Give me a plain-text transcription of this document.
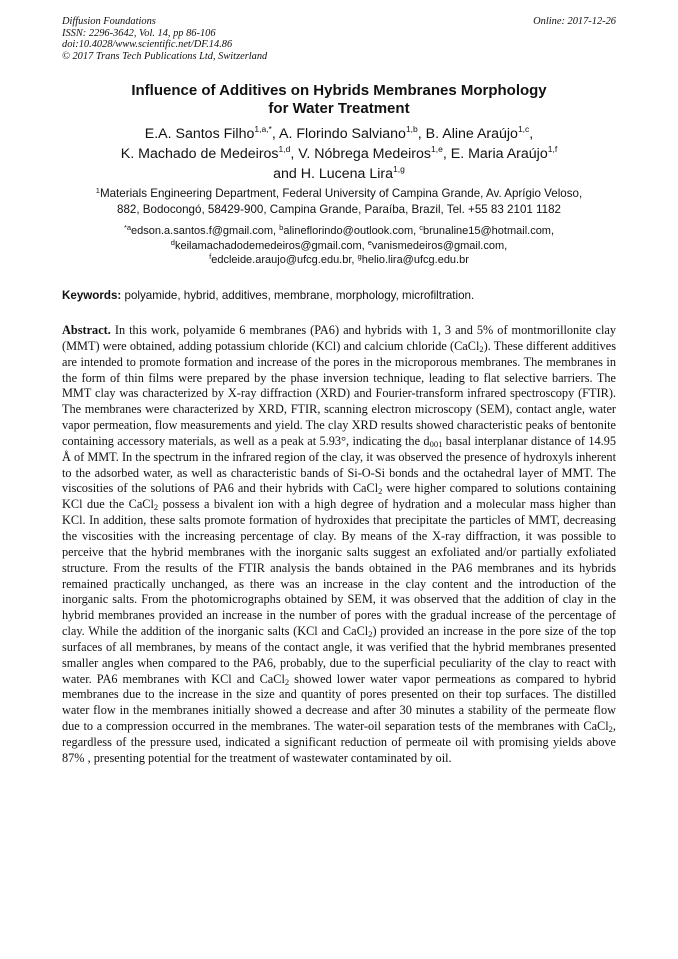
Diffusion Foundations
ISSN: 2296-3642, Vol. 14, pp 86-106
doi:10.4028/www.scientific.net/DF.14.86
© 2017 Trans Tech Publications Ltd, Switzerland
Online: 2017-12-26
Influence of Additives on Hybrids Membranes Morphology
for Water Treatment
E.A. Santos Filho$^{1,a,*}$, A. Florindo Salviano$^{1,b}$, B. Aline Araújo$^{1,c}$,
K. Machado de Medeiros$^{1,d}$, V. Nóbrega Medeiros$^{1,e}$, E. Maria Araújo$^{1,f}$
and H. Lucena Lira$^{1,g}$
$^1$Materials Engineering Department, Federal University of Campina Grande, Av. Aprígio Veloso,
882, Bodocongó, 58429-900, Campina Grande, Paraíba, Brazil, Tel. +55 83 2101 1182
$^{*a}$edson.a.santos.f@gmail.com, $^b$alineflorindo@outlook.com, $^c$brunaline15@hotmail.com,
$^d$keilamachadodemedeiros@gmail.com, $^e$vanismedeiros@gmail.com,
$^f$edcleide.araujo@ufcg.edu.br, $^g$helio.lira@ufcg.edu.br
Keywords: polyamide, hybrid, additives, membrane, morphology, microfiltration.
Abstract. In this work, polyamide 6 membranes (PA6) and hybrids with 1, 3 and 5% of montmorillonite clay (MMT) were obtained, adding potassium chloride (KCl) and calcium chloride (CaCl$_2$). These different additives are intended to promote formation and increase of the pores in the microporous membranes. The membranes in the form of thin films were prepared by the phase inversion technique, leading to flat selective barriers. The MMT clay was characterized by X-ray diffraction (XRD) and Fourier-transform infrared spectroscopy (FTIR). The membranes were characterized by XRD, FTIR, scanning electron microscopy (SEM), contact angle, water vapor permeation, flow measurements and yield. The clay XRD results showed characteristic peaks of bentonite containing accessory materials, as well as a peak at 5.93°, indicating the $d_{001}$ basal interplanar distance of 14.95 Å of MMT. In the spectrum in the infrared region of the clay, it was observed the presence of hydroxyls inherent to the adsorbed water, as well as characteristic bands of Si-O-Si bonds and the octahedral layer of MMT. The viscosities of the solutions of PA6 and their hybrids with CaCl$_2$ were higher compared to solutions containing KCl due the CaCl$_2$ possess a bivalent ion with a high degree of hydration and a molecular mass higher than KCl. In addition, these salts promote formation of hydroxides that precipitate the particles of MMT, decreasing the viscosities with the increasing percentage of clay. By means of the X-ray diffraction, it was possible to perceive that the hybrid membranes with the inorganic salts suggest an exfoliated and/or partially exfoliated structure. From the results of the FTIR analysis the bands obtained in the PA6 membranes and its hybrids remained practically unchanged, as there was an increase in the clay content and the introduction of the inorganic salts. From the photomicrographs obtained by SEM, it was observed that the addition of clay in the hybrid membranes provided an increase in the number of pores with the gradual increase of the percentage of clay. While the addition of the inorganic salts (KCl and CaCl$_2$) provided an increase in the pore size of the top surfaces of all membranes, by means of the contact angle, it was verified that the hybrid membranes presented smaller angles when compared to the PA6, probably, due to the superficial peculiarity of the clay to react with water. PA6 membranes with KCl and CaCl$_2$ showed lower water vapor permeations as compared to hybrid membranes due to the increase in the size and quantity of pores presented on their top surfaces. The distilled water flow in the membranes initially showed a decrease and after 30 minutes a stability of the permeate flow due to a compression occurred in the membranes. The water-oil separation tests of the membranes with CaCl$_2$, regardless of the pressure used, indicated a significant reduction of permeate oil with promising yields above 87% , presenting potential for the treatment of wastewater contaminated by oil.
